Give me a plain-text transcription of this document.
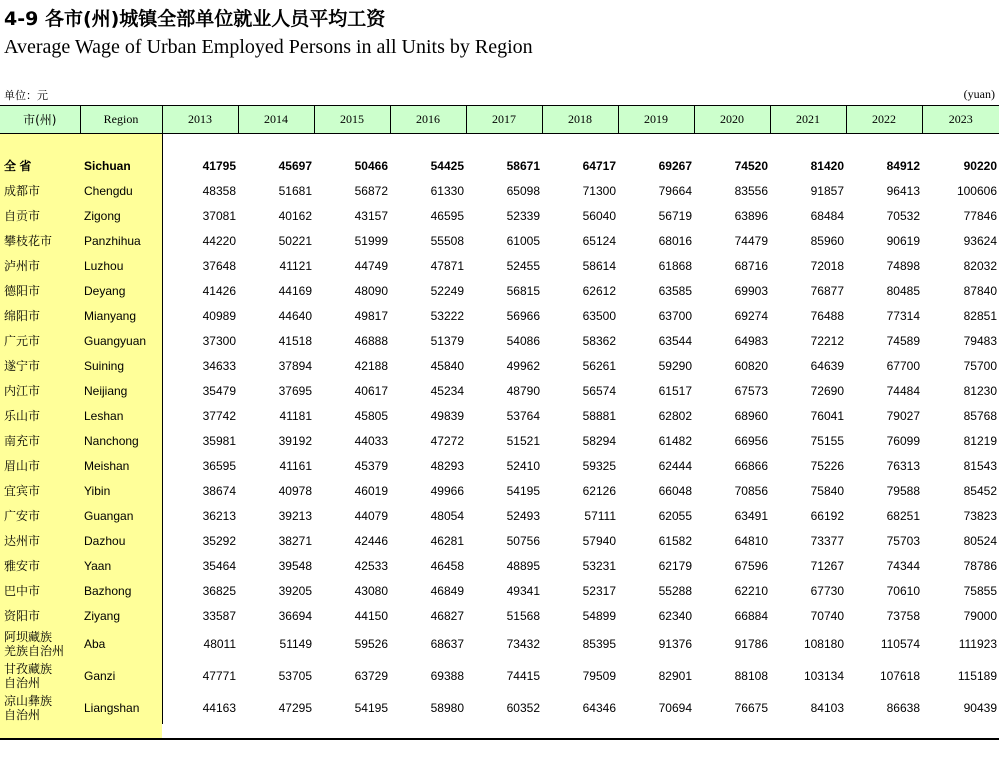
4-9 各市(州)城镇全部单位就业人员平均工资
Average Wage of Urban Employed Persons in all Units by Region
单位：元	(yuan)
市(州)	Region	2013	2014	2015	2016	2017	2018	2019	2020	2021	2022	2023

全 省	Sichuan	41795	45697	50466	54425	58671	64717	69267	74520	81420	84912	90220
成都市	Chengdu	48358	51681	56872	61330	65098	71300	79664	83556	91857	96413	100606
自贡市	Zigong	37081	40162	43157	46595	52339	56040	56719	63896	68484	70532	77846
攀枝花市	Panzhihua	44220	50221	51999	55508	61005	65124	68016	74479	85960	90619	93624
泸州市	Luzhou	37648	41121	44749	47871	52455	58614	61868	68716	72018	74898	82032
德阳市	Deyang	41426	44169	48090	52249	56815	62612	63585	69903	76877	80485	87840
绵阳市	Mianyang	40989	44640	49817	53222	56966	63500	63700	69274	76488	77314	82851
广元市	Guangyuan	37300	41518	46888	51379	54086	58362	63544	64983	72212	74589	79483
遂宁市	Suining	34633	37894	42188	45840	49962	56261	59290	60820	64639	67700	75700
内江市	Neijiang	35479	37695	40617	45234	48790	56574	61517	67573	72690	74484	81230
乐山市	Leshan	37742	41181	45805	49839	53764	58881	62802	68960	76041	79027	85768
南充市	Nanchong	35981	39192	44033	47272	51521	58294	61482	66956	75155	76099	81219
眉山市	Meishan	36595	41161	45379	48293	52410	59325	62444	66866	75226	76313	81543
宜宾市	Yibin	38674	40978	46019	49966	54195	62126	66048	70856	75840	79588	85452
广安市	Guangan	36213	39213	44079	48054	52493	57111	62055	63491	66192	68251	73823
达州市	Dazhou	35292	38271	42446	46281	50756	57940	61582	64810	73377	75703	80524
雅安市	Yaan	35464	39548	42533	46458	48895	53231	62179	67596	71267	74344	78786
巴中市	Bazhong	36825	39205	43080	46849	49341	52317	55288	62210	67730	70610	75855
资阳市	Ziyang	33587	36694	44150	46827	51568	54899	62340	66884	70740	73758	79000

阿坝藏族
羌族自治州	Aba	48011	51149	59526	68637	73432	85395	91376	91786	108180	110574	111923

甘孜藏族
自治州	Ganzi	47771	53705	63729	69388	74415	79509	82901	88108	103134	107618	115189

凉山彝族
自治州	Liangshan	44163	47295	54195	58980	60352	64346	70694	76675	84103	86638	90439
